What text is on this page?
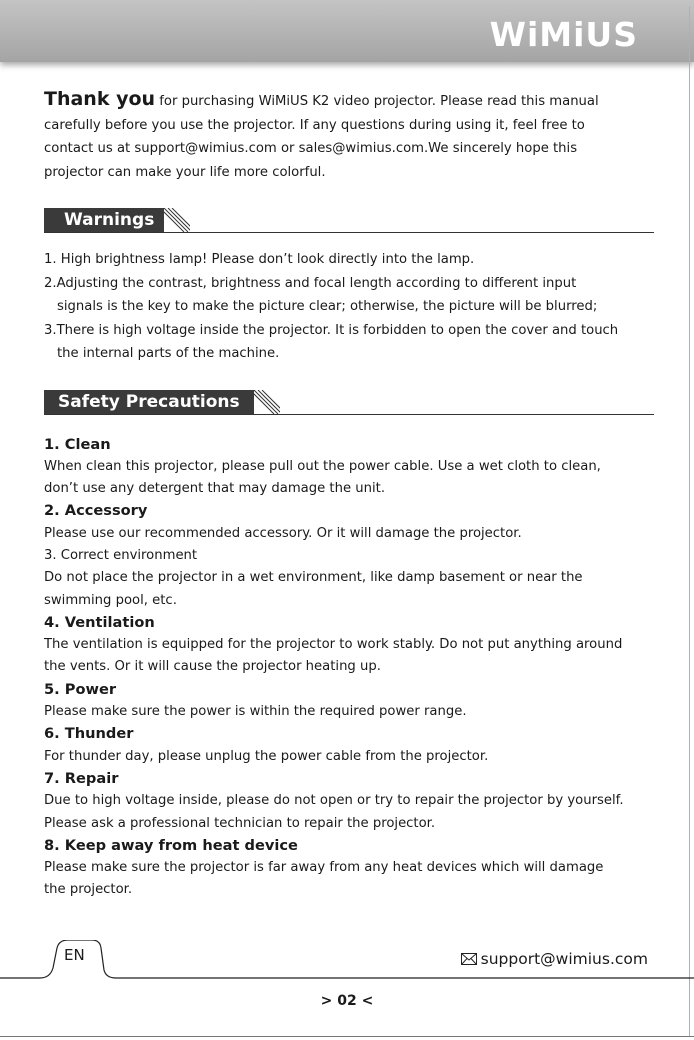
WiMiUS

Thank you for purchasing WiMiUS K2 video projector. Please read this manual
carefully before you use the projector. If any questions during using it, feel free to
contact us at support@wimius.com or sales@wimius.com.We sincerely hope this
projector can make your life more colorful.

Warnings

1. High brightness lamp! Please don’t look directly into the lamp.

2.Adjusting the contrast, brightness and focal length according to different input

signals is the key to make the picture clear; otherwise, the picture will be blurred;

3.There is high voltage inside the projector. It is forbidden to open the cover and touch

the internal parts of the machine.

Safety Precautions

1. Clean

When clean this projector, please pull out the power cable. Use a wet cloth to clean,

don’t use any detergent that may damage the unit.

2. Accessory

Please use our recommended accessory. Or it will damage the projector.

3. Correct environment

Do not place the projector in a wet environment, like damp basement or near the

swimming pool, etc.

4. Ventilation

The ventilation is equipped for the projector to work stably. Do not put anything around

the vents. Or it will cause the projector heating up.

5. Power

Please make sure the power is within the required power range.

6. Thunder

For thunder day, please unplug the power cable from the projector.

7. Repair

Due to high voltage inside, please do not open or try to repair the projector by yourself.

Please ask a professional technician to repair the projector.

8. Keep away from heat device

Please make sure the projector is far away from any heat devices which will damage

the projector.

EN	support@wimius.com
> 02 <
